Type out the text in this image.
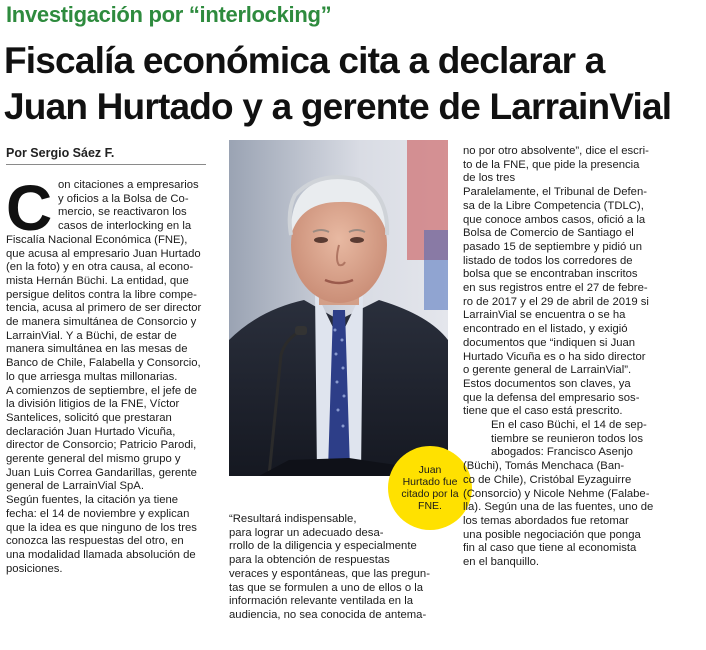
Investigación por “interlocking”
Fiscalía económica cita a declarar a
Juan Hurtado y a gerente de LarrainVial
Por Sergio Sáez F.
C on citaciones a empresarios
y oficios a la Bolsa de Co-
mercio, se reactivaron los
casos de interlocking en la
Fiscalía Nacional Económica (FNE),
que acusa al empresario Juan Hurtado
(en la foto) y en otra causa, al econo-
mista Hernán Büchi. La entidad, que
persigue delitos contra la libre compe-
tencia, acusa al primero de ser director
de manera simultánea de Consorcio y
LarrainVial. Y a Büchi, de estar de
manera simultánea en las mesas de
Banco de Chile, Falabella y Consorcio,
lo que arriesga multas millonarias.
A comienzos de septiembre, el jefe de
la división litigios de la FNE, Víctor
Santelices, solicitó que prestaran
declaración Juan Hurtado Vicuña,
director de Consorcio; Patricio Parodi,
gerente general del mismo grupo y
Juan Luis Correa Gandarillas, gerente
general de LarrainVial SpA.
Según fuentes, la citación ya tiene
fecha: el 14 de noviembre y explican
que la idea es que ninguno de los tres
conozca las respuestas del otro, en
una modalidad llamada absolución de
posiciones.
Juan Hurtado fue citado por la FNE.
“Resultará indispensable,
para lograr un adecuado desa-
rrollo de la diligencia y especialmente
para la obtención de respuestas
veraces y espontáneas, que las pregun-
tas que se formulen a uno de ellos o la
información relevante ventilada en la
audiencia, no sea conocida de antema-
no por otro absolvente”, dice el escri-
to de la FNE, que pide la presencia
de los tres
Paralelamente, el Tribunal de Defen-
sa de la Libre Competencia (TDLC),
que conoce ambos casos, ofició a la
Bolsa de Comercio de Santiago el
pasado 15 de septiembre y pidió un
listado de todos los corredores de
bolsa que se encontraban inscritos
en sus registros entre el 27 de febre-
ro de 2017 y el 29 de abril de 2019 si
LarrainVial se encuentra o se ha
encontrado en el listado, y exigió
documentos que “indiquen si Juan
Hurtado Vicuña es o ha sido director
o gerente general de LarrainVial”.
Estos documentos son claves, ya
que la defensa del empresario sos-
tiene que el caso está prescrito.
En el caso Büchi, el 14 de sep-
tiembre se reunieron todos los
abogados: Francisco Asenjo
(Büchi), Tomás Menchaca (Ban-
co de Chile), Cristóbal Eyzaguirre
(Consorcio) y Nicole Nehme (Falabe-
lla). Según una de las fuentes, uno de
los temas abordados fue retomar
una posible negociación que ponga
fin al caso que tiene al economista
en el banquillo.
